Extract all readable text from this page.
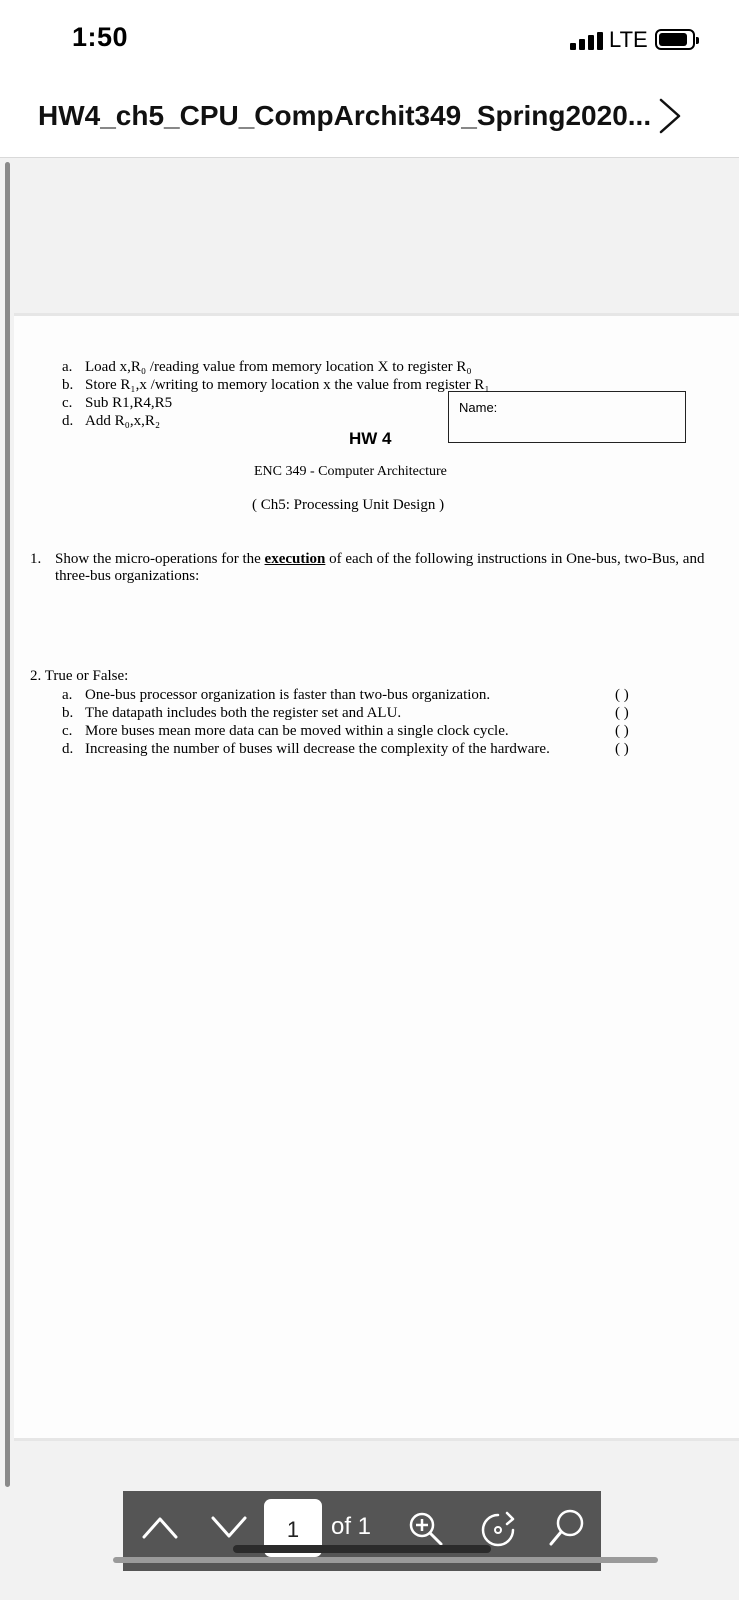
1:50	LTE
HW4_ch5_CPU_CompArchit349_Spring2020...
Name:
HW 4
ENC 349 - Computer Architecture
( Ch5: Processing Unit Design )
1. Show the micro-operations for the execution of each of the following instructions in One-bus, two-Bus, and three-bus organizations:
a. Load x,R₀ /reading value from memory location X to register R₀
b. Store R₁,x /writing to memory location x the value from register R₁
c. Sub R1,R4,R5
d. Add R₀,x,R₂
2. True or False:
a. One-bus processor organization is faster than two-bus organization.	( )
b. The datapath includes both the register set and ALU.	( )
c. More buses mean more data can be moved within a single clock cycle.	( )
d. Increasing the number of buses will decrease the complexity of the hardware.	( )
1	of 1
